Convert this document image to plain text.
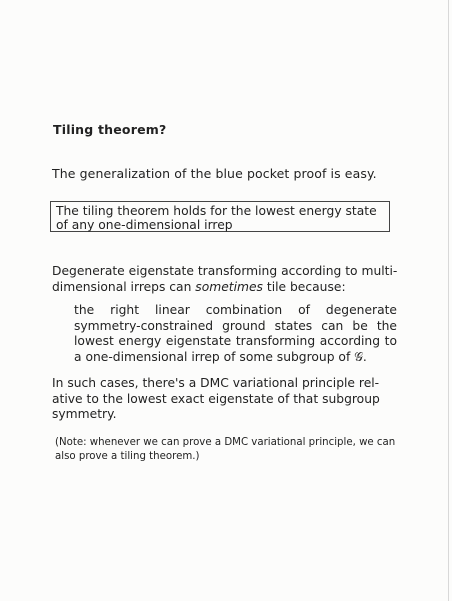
Tiling theorem?
The generalization of the blue pocket proof is easy.
The tiling theorem holds for the lowest energy state
of any one-dimensional irrep
Degenerate eigenstate transforming according to multi-
dimensional irreps can sometimes tile because:
the right linear combination of degenerate
symmetry-constrained ground states can be the
lowest energy eigenstate transforming according to
a one-dimensional irrep of some subgroup of 𝒢.
In such cases, there's a DMC variational principle rel-
ative to the lowest exact eigenstate of that subgroup
symmetry.
(Note: whenever we can prove a DMC variational principle, we can
also prove a tiling theorem.)
